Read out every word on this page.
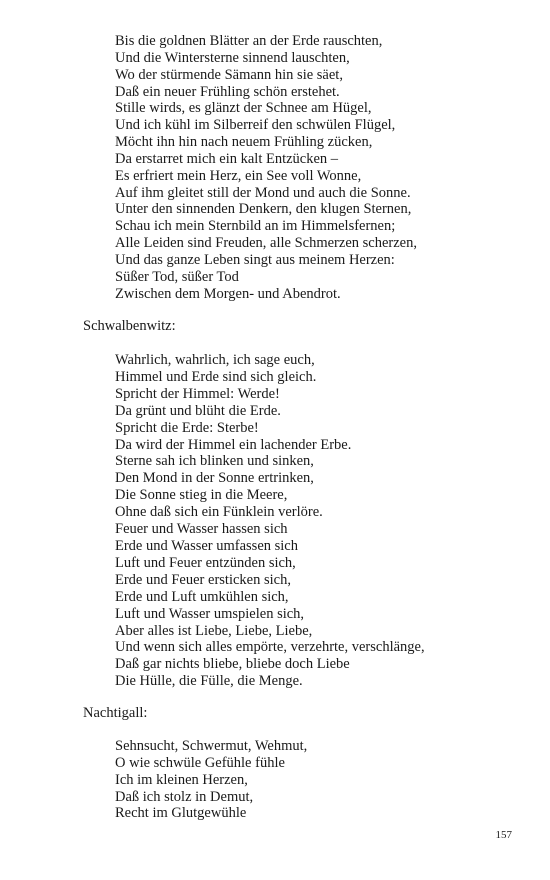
Bis die goldnen Blätter an der Erde rauschten,
Und die Wintersterne sinnend lauschten,
Wo der stürmende Sämann hin sie säet,
Daß ein neuer Frühling schön erstehet.
Stille wirds, es glänzt der Schnee am Hügel,
Und ich kühl im Silberreif den schwülen Flügel,
Möcht ihn hin nach neuem Frühling zücken,
Da erstarret mich ein kalt Entzücken –
Es erfriert mein Herz, ein See voll Wonne,
Auf ihm gleitet still der Mond und auch die Sonne.
Unter den sinnenden Denkern, den klugen Sternen,
Schau ich mein Sternbild an im Himmelsfernen;
Alle Leiden sind Freuden, alle Schmerzen scherzen,
Und das ganze Leben singt aus meinem Herzen:
Süßer Tod, süßer Tod
Zwischen dem Morgen- und Abendrot.

Schwalbenwitz:

Wahrlich, wahrlich, ich sage euch,
Himmel und Erde sind sich gleich.
Spricht der Himmel: Werde!
Da grünt und blüht die Erde.
Spricht die Erde: Sterbe!
Da wird der Himmel ein lachender Erbe.
Sterne sah ich blinken und sinken,
Den Mond in der Sonne ertrinken,
Die Sonne stieg in die Meere,
Ohne daß sich ein Fünklein verlöre.
Feuer und Wasser hassen sich
Erde und Wasser umfassen sich
Luft und Feuer entzünden sich,
Erde und Feuer ersticken sich,
Erde und Luft umkühlen sich,
Luft und Wasser umspielen sich,
Aber alles ist Liebe, Liebe, Liebe,
Und wenn sich alles empörte, verzehrte, verschlänge,
Daß gar nichts bliebe, bliebe doch Liebe
Die Hülle, die Fülle, die Menge.

Nachtigall:

Sehnsucht, Schwermut, Wehmut,
O wie schwüle Gefühle fühle
Ich im kleinen Herzen,
Daß ich stolz in Demut,
Recht im Glutgewühle
157
